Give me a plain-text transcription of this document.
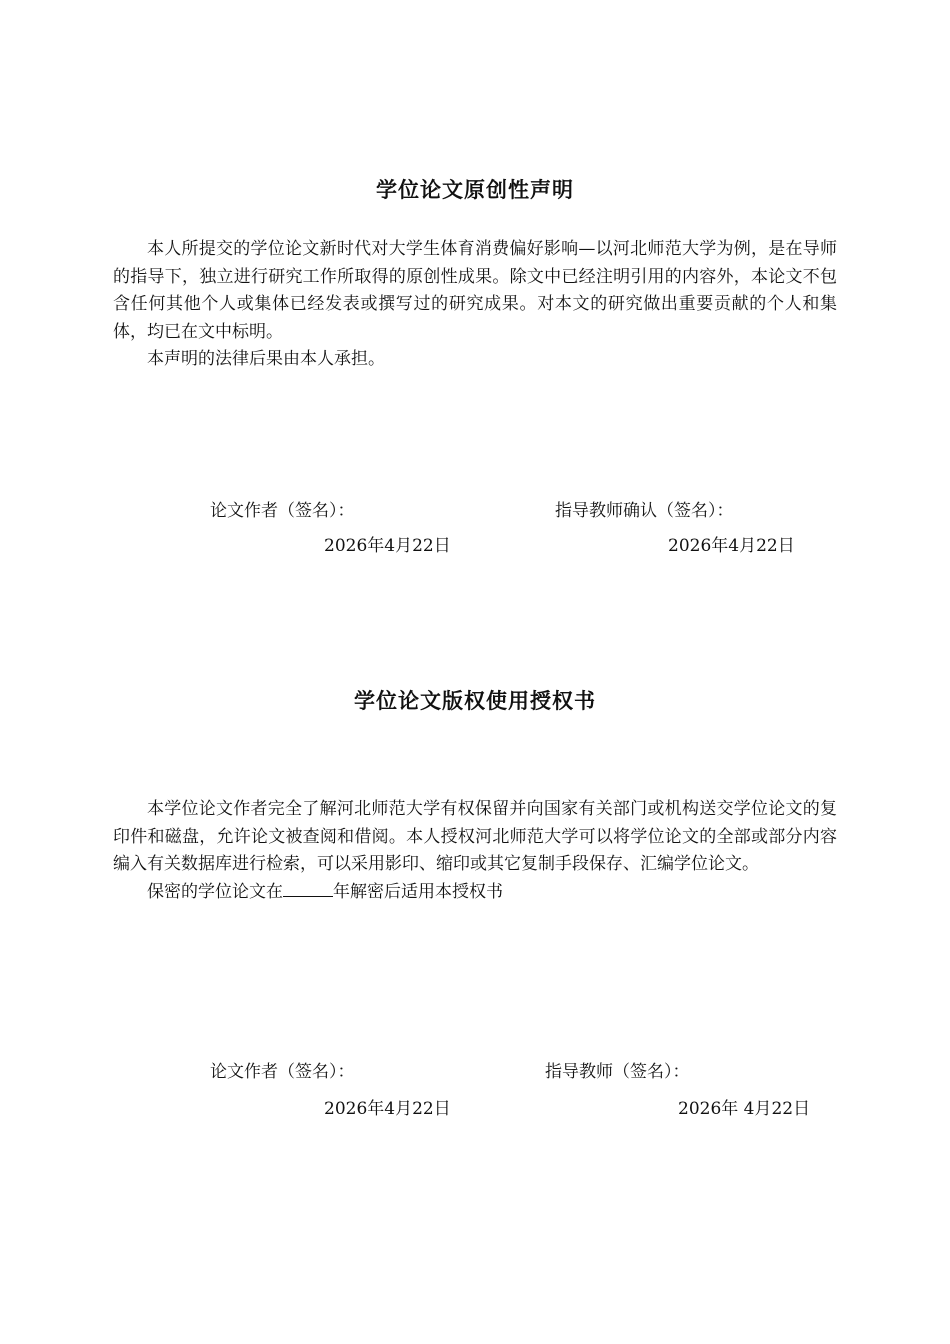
学位论文原创性声明

本人所提交的学位论文新时代对大学生体育消费偏好影响—以河北师范大学为例，是在导师的指导下，独立进行研究工作所取得的原创性成果。除文中已经注明引用的内容外，本论文不包含任何其他个人或集体已经发表或撰写过的研究成果。对本文的研究做出重要贡献的个人和集体，均已在文中标明。

本声明的法律后果由本人承担。

论文作者（签名）：	指导教师确认（签名）：
2026年4月22日	2026年4月22日
学位论文版权使用授权书

本学位论文作者完全了解河北师范大学有权保留并向国家有关部门或机构送交学位论文的复印件和磁盘，允许论文被查阅和借阅。本人授权河北师范大学可以将学位论文的全部或部分内容编入有关数据库进行检索，可以采用影印、缩印或其它复制手段保存、汇编学位论文。

保密的学位论文在	年解密后适用本授权书

论文作者（签名）：	指导教师（签名）：
2026年4月22日	2026年 4月22日
